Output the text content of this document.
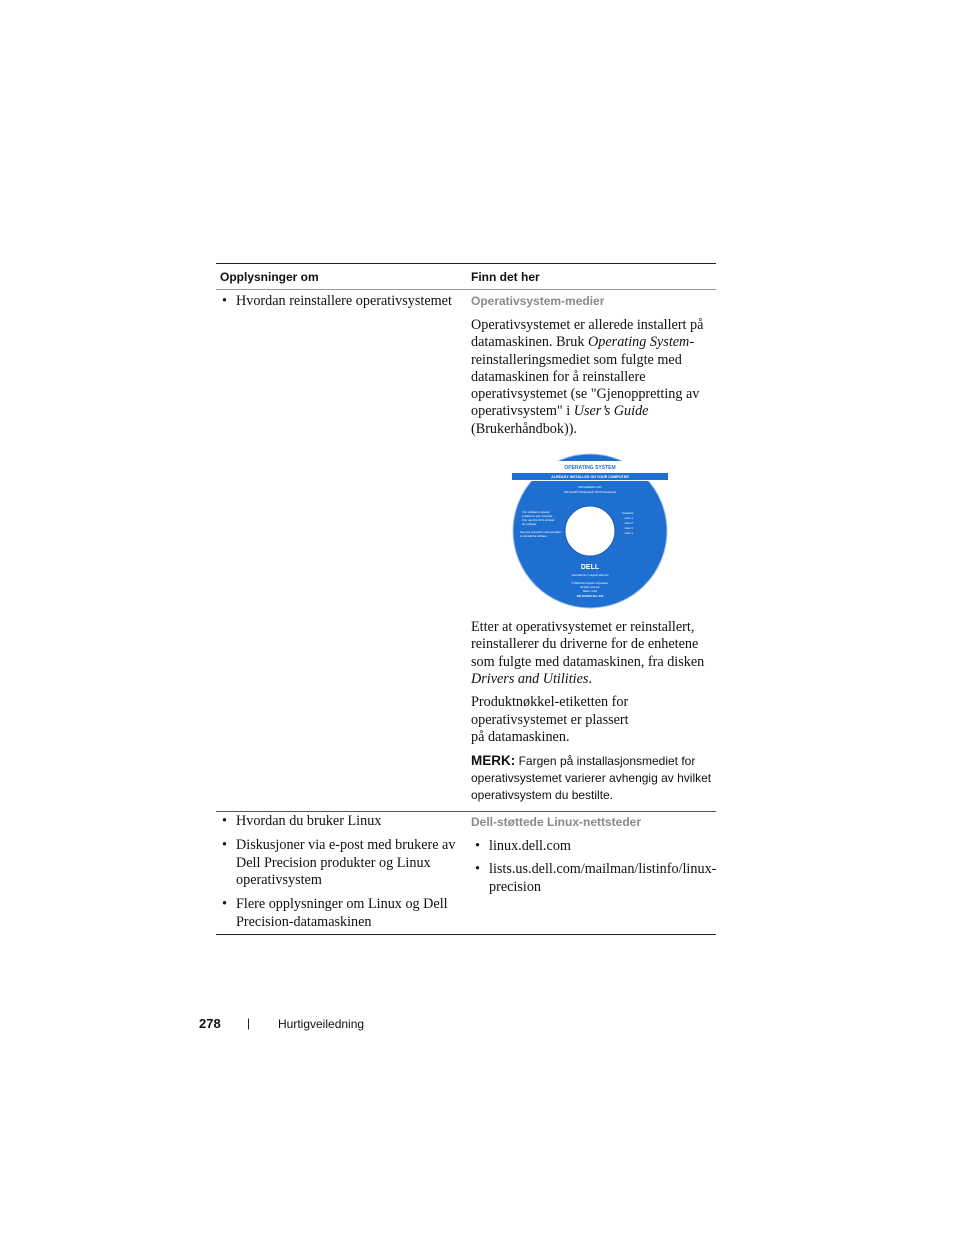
Opplysninger om	Finn det her
• Hvordan reinstallere operativsystemet	Operativsystem-medier

Operativsystemet er allerede installert på datamaskinen. Bruk Operating System-reinstalleringsmediet som fulgte med datamaskinen for å reinstallere operativsystemet (se "Gjenoppretting av operativsystem" i User’s Guide (Brukerhåndbok)).

OPERATING SYSTEM
ALREADY INSTALLED ON YOUR COMPUTER
Reinstallation CD
Microsoft® Windows® XP Professional
Your software is already
installed on your computer.
Only use this CD to reinstall
the software.
See your computer's documentation
to reinstall the software.
Contents:
• Item 1
• Item 2
• Item 3
• Item 4
DELL
www.dell.com | support.dell.com
© 2003 Dell Computer Corporation.
All rights reserved.
Made in USA
P/N 0XXXXX Rev. A00

Etter at operativsystemet er reinstallert, reinstallerer du driverne for de enhetene som fulgte med datamaskinen, fra disken Drivers and Utilities.

Produktnøkkel-etiketten for operativsystemet er plassert på datamaskinen.

MERK: Fargen på installasjonsmediet for operativsystemet varierer avhengig av hvilket operativsystem du bestilte.

• Hvordan du bruker Linux
• Diskusjoner via e-post med brukere av Dell Precision produkter og Linux operativsystem
• Flere opplysninger om Linux og Dell Precision-datamaskinen
Dell-støttede Linux-nettsteder
• linux.dell.com
• lists.us.dell.com/mailman/listinfo/linux-precision
278 | Hurtigveiledning
